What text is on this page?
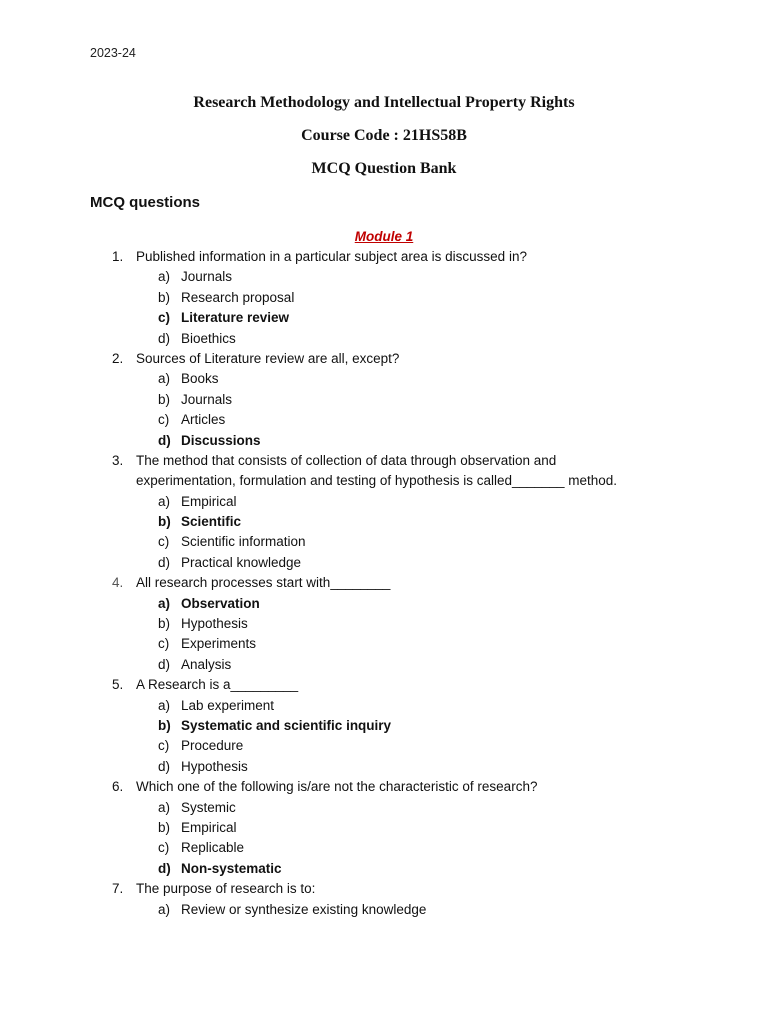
2023-24
Research Methodology and Intellectual Property Rights
Course Code : 21HS58B
MCQ Question Bank
MCQ questions
Module 1
1. Published information in a particular subject area is discussed in?
a) Journals
b) Research proposal
c) Literature review
d) Bioethics
2. Sources of Literature review are all, except?
a) Books
b) Journals
c) Articles
d) Discussions
3. The method that consists of collection of data through observation and
experimentation, formulation and testing of hypothesis is called_______ method.
a) Empirical
b) Scientific
c) Scientific information
d) Practical knowledge
4. All research processes start with________
a) Observation
b) Hypothesis
c) Experiments
d) Analysis
5. A Research is a_________
a) Lab experiment
b) Systematic and scientific inquiry
c) Procedure
d) Hypothesis
6. Which one of the following is/are not the characteristic of research?
a) Systemic
b) Empirical
c) Replicable
d) Non-systematic
7. The purpose of research is to:
a) Review or synthesize existing knowledge
